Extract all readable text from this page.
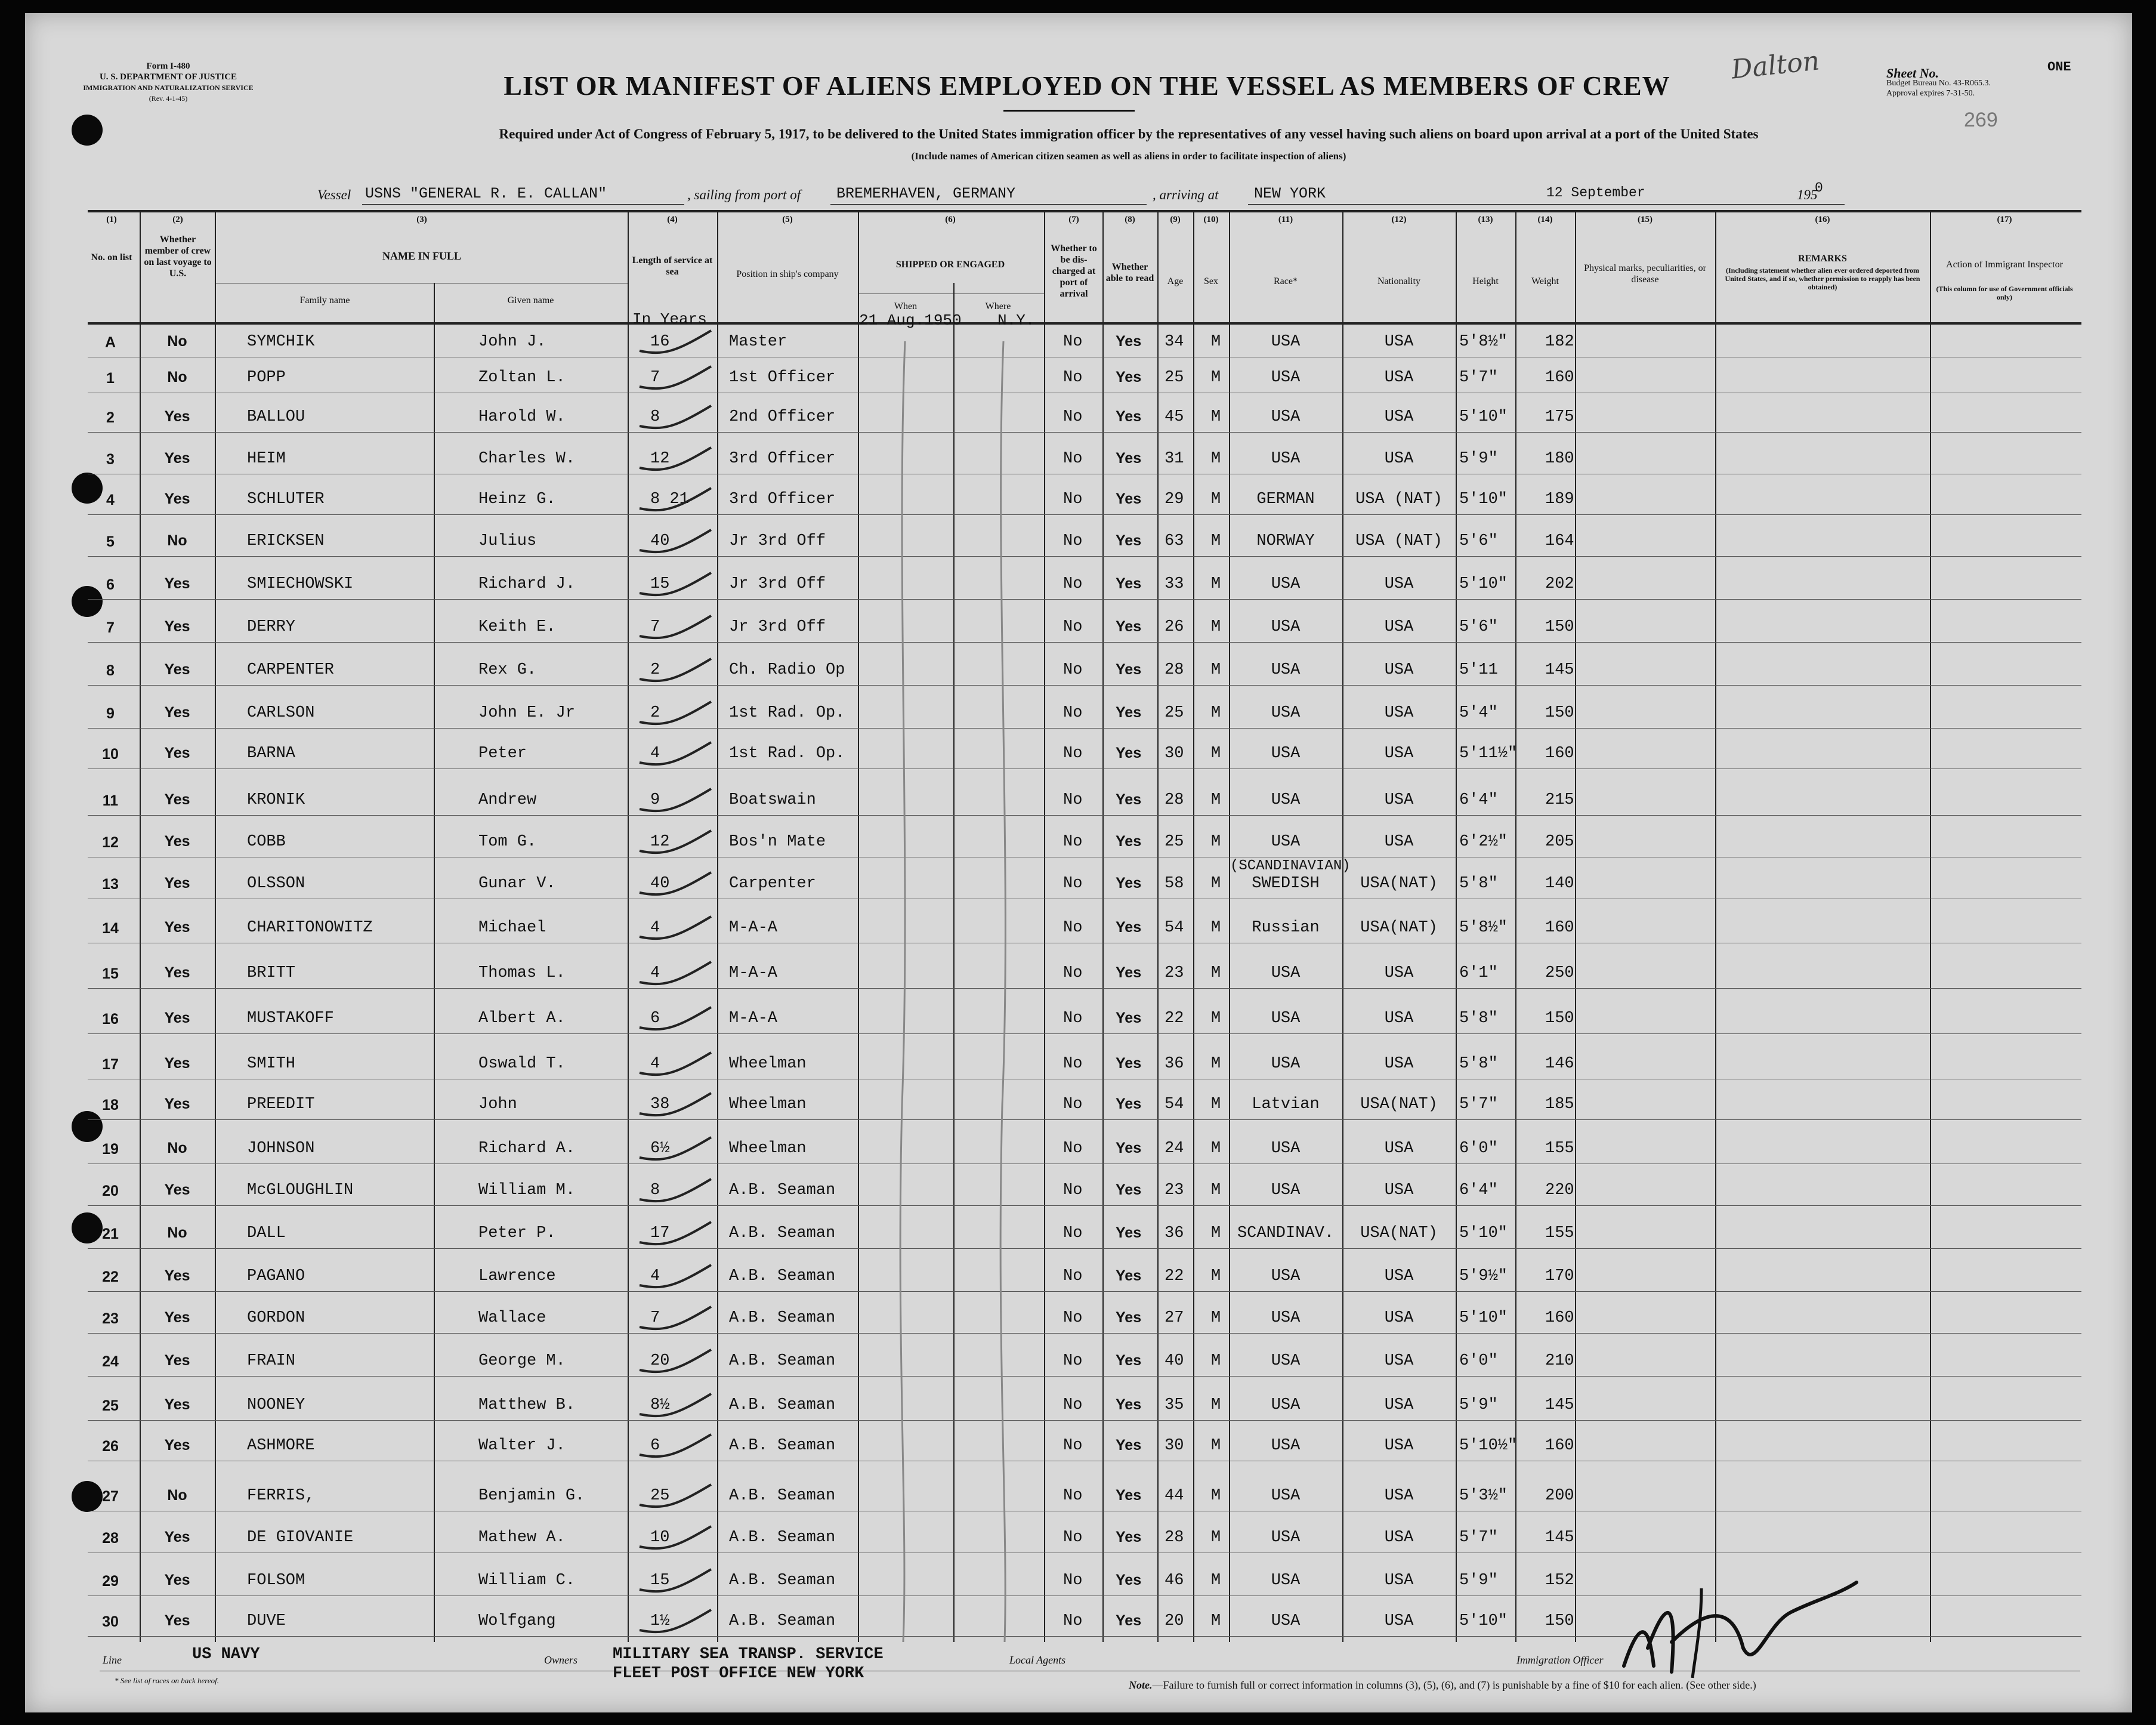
Form I-480
U. S. DEPARTMENT OF JUSTICE
IMMIGRATION AND NATURALIZATION SERVICE
(Rev. 4-1-45)	LIST OR MANIFEST OF ALIENS EMPLOYED ON THE VESSEL AS MEMBERS OF CREW
Dalton	Sheet No.
Budget Bureau No. 43-R065.3.
Approval expires 7-31-50.
ONE
269
Required under Act of Congress of February 5, 1917, to be delivered to the United States immigration officer by the representatives of any vessel having such aliens on board upon arrival at a port of the United States
(Include names of American citizen seamen as well as aliens in order to facilitate inspection of aliens)
Vessel USNS "GENERAL R. E. CALLAN"	, sailing from port of BREMERHAVEN, GERMANY	, arriving at NEW YORK	12 September	195
0
(1)
No. on list
(2)
Whether member of crew on last voyage to U.S.
(3)
NAME IN FULL
Family name	Given name
(4)
Length of service at sea
In Years
(5)
Position in ship's company
(6)
SHIPPED OR ENGAGED
When	Where
21 Aug.1950 N.Y.
(7)
Whether to be dis- charged at port of arrival
(8)
Whether able to read
(9)
Age
(10)
Sex
(11)
Race*
(12)
Nationality
(13)
Height
(14)
Weight
(15)
Physical marks, peculiarities, or disease
(16)
REMARKS
(Including statement whether alien ever ordered deported from United States, and if so, whether permission to reapply has been obtained)
(17)
Action of Immigrant Inspector
(This column for use of Government officials only)
A	No	SYMCHIK	John J.	16	Master	No Yes 34 M	USA	USA	5'8½" 182
1	No	POPP	Zoltan L.	7	1st Officer	No Yes 25 M	USA	USA	5'7"	160
2	Yes	BALLOU	Harold W.	8	2nd Officer	No Yes 45 M	USA	USA	5'10" 175
3	Yes	HEIM	Charles W.	12	3rd Officer	No Yes 31 M	USA	USA	5'9"	180
4	Yes	SCHLUTER	Heinz G.	8 21 3rd Officer	No Yes 29 M	GERMAN	USA (NAT)	5'10" 189
5	No	ERICKSEN	Julius	40	Jr 3rd Off	No Yes 63 M	NORWAY	USA (NAT)	5'6"	164
6	Yes	SMIECHOWSKI	Richard J.	15	Jr 3rd Off	No Yes 33 M	USA	USA	5'10" 202
7	Yes	DERRY	Keith E.	7	Jr 3rd Off	No Yes 26 M	USA	USA	5'6"	150
8	Yes	CARPENTER	Rex G.	2	Ch. Radio Op	No Yes 28 M	USA	USA	5'11	145
9	Yes	CARLSON	John E. Jr	2	1st Rad. Op.	No Yes 25 M	USA	USA	5'4"	150
10	Yes	BARNA	Peter	4	1st Rad. Op.	No Yes 30 M	USA	USA	5'11½" 160
11	Yes	KRONIK	Andrew	9	Boatswain	No Yes 28 M	USA	USA	6'4"	215
12	Yes	COBB	Tom G.	12	Bos'n Mate	No Yes 25 M	USA	USA	6'2½" 205
13	Yes	OLSSON	Gunar V.	40	Carpenter	No Yes 58 M	SWEDISH	USA(NAT)	5'8"	140
(SCANDINAVIAN)
14	Yes	CHARITONOWITZ	Michael	4	M-A-A	No Yes 54 M	Russian	USA(NAT)	5'8½" 160
15	Yes	BRITT	Thomas L.	4	M-A-A	No Yes 23 M	USA	USA	6'1"	250
16	Yes	MUSTAKOFF	Albert A.	6	M-A-A	No Yes 22 M	USA	USA	5'8"	150
17	Yes	SMITH	Oswald T.	4	Wheelman	No Yes 36 M	USA	USA	5'8"	146
18	Yes	PREEDIT	John	38	Wheelman	No Yes 54 M	Latvian	USA(NAT)	5'7"	185
19	No	JOHNSON	Richard A.	6½	Wheelman	No Yes 24 M	USA	USA	6'0"	155
20	Yes	McGLOUGHLIN	William M.	8	A.B. Seaman	No Yes 23 M	USA	USA	6'4"	220
21	No	DALL	Peter P.	17	A.B. Seaman	No Yes 36 M	SCANDINAV.	USA(NAT)	5'10" 155
22	Yes	PAGANO	Lawrence	4	A.B. Seaman	No Yes 22 M	USA	USA	5'9½" 170
23	Yes	GORDON	Wallace	7	A.B. Seaman	No Yes 27 M	USA	USA	5'10" 160
24	Yes	FRAIN	George M.	20	A.B. Seaman	No Yes 40 M	USA	USA	6'0"	210
25	Yes	NOONEY	Matthew B.	8½	A.B. Seaman	No Yes 35 M	USA	USA	5'9"	145
26	Yes	ASHMORE	Walter J.	6	A.B. Seaman	No Yes 30 M	USA	USA	5'10½" 160
27	No	FERRIS,	Benjamin G.	25	A.B. Seaman	No Yes 44 M	USA	USA	5'3½" 200
28	Yes	DE GIOVANIE	Mathew A.	10	A.B. Seaman	No Yes 28 M	USA	USA	5'7"	145
29	Yes	FOLSOM	William C.	15	A.B. Seaman	No Yes 46 M	USA	USA	5'9"	152
30	Yes	DUVE	Wolfgang	1½	A.B. Seaman	No Yes 20 M	USA	USA	5'10" 150
Line	US NAVY	Owners MILITARY SEA TRANSP. SERVICE
FLEET POST OFFICE NEW YORK
Local Agents	Immigration Officer
* See list of races on back hereof.	Note.—Failure to furnish full or correct information in columns (3), (5), (6), and (7) is punishable by a fine of $10 for each alien. (See other side.)
